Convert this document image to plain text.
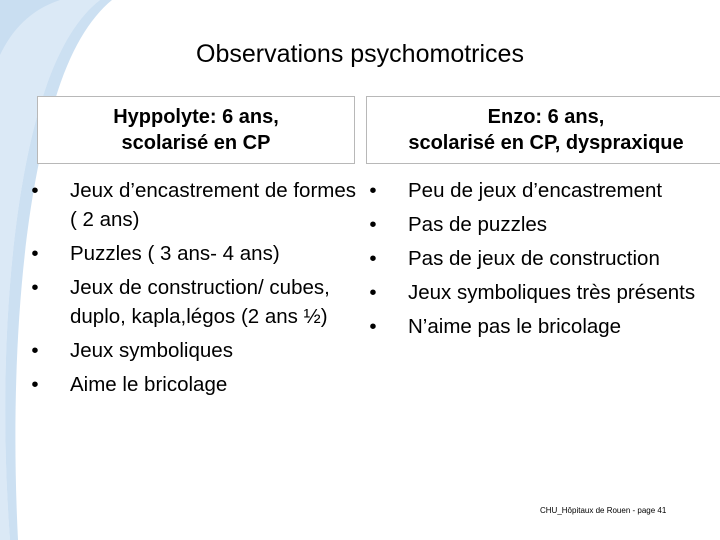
Observations psychomotrices
Hyppolyte: 6 ans,
scolarisé en CP
Enzo: 6 ans,
scolarisé en CP, dyspraxique
• Jeux d’encastrement de formes ( 2 ans)
• Puzzles ( 3 ans- 4 ans)
• Jeux de construction/ cubes, duplo, kapla,légos (2 ans ½)
• Jeux symboliques
• Aime le bricolage
• Peu de jeux d’encastrement
• Pas de puzzles
• Pas de jeux de construction
• Jeux symboliques très présents
• N’aime pas le bricolage
CHU_Hôpitaux de Rouen - page 41
